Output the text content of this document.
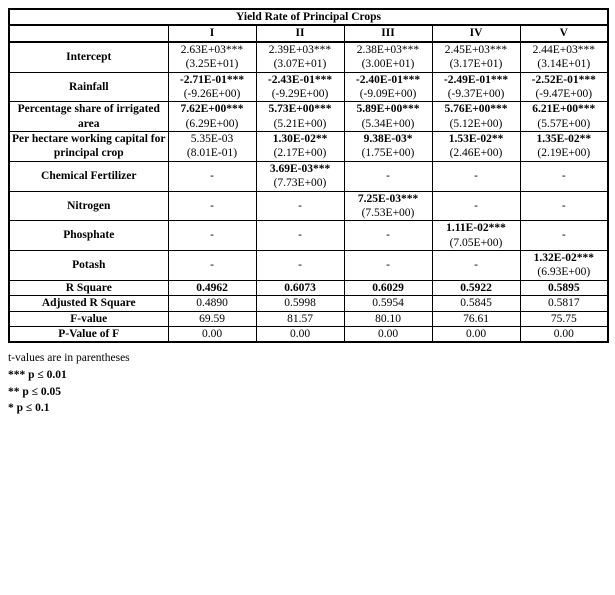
Yield Rate of Principal Crops					
	I	II	III	IV	V
Intercept	2.63E+03***	2.39E+03***	2.38E+03***	2.45E+03***	2.44E+03***
	(3.25E+01)	(3.07E+01)	(3.00E+01)	(3.17E+01)	(3.14E+01)
Rainfall	-2.71E-01***	-2.43E-01***	-2.40E-01***	-2.49E-01***	-2.52E-01***
	(-9.26E+00)	(-9.29E+00)	(-9.09E+00)	(-9.37E+00)	(-9.47E+00)
Percentage share of irrigated area	7.62E+00***	5.73E+00***	5.89E+00***	5.76E+00***	6.21E+00***
	(6.29E+00)	(5.21E+00)	(5.34E+00)	(5.12E+00)	(5.57E+00)
Per hectare working capital for principal crop	5.35E-03	1.30E-02**	9.38E-03*	1.53E-02**	1.35E-02**
	(8.01E-01)	(2.17E+00)	(1.75E+00)	(2.46E+00)	(2.19E+00)
Chemical Fertilizer	-	3.69E-03***	-	-	-
		(7.73E+00)			
Nitrogen	-	-	7.25E-03***	-	-
			(7.53E+00)		
Phosphate	-	-	-	1.11E-02***	-
				(7.05E+00)	
Potash	-	-	-	-	1.32E-02***
					(6.93E+00)
R Square	0.4962	0.6073	0.6029	0.5922	0.5895
Adjusted R Square	0.4890	0.5998	0.5954	0.5845	0.5817
F-value	69.59	81.57	80.10	76.61	75.75
P-Value of F	0.00	0.00	0.00	0.00	0.00
t-values are in parentheses
*** p ≤ 0.01
** p ≤ 0.05
* p ≤ 0.1
